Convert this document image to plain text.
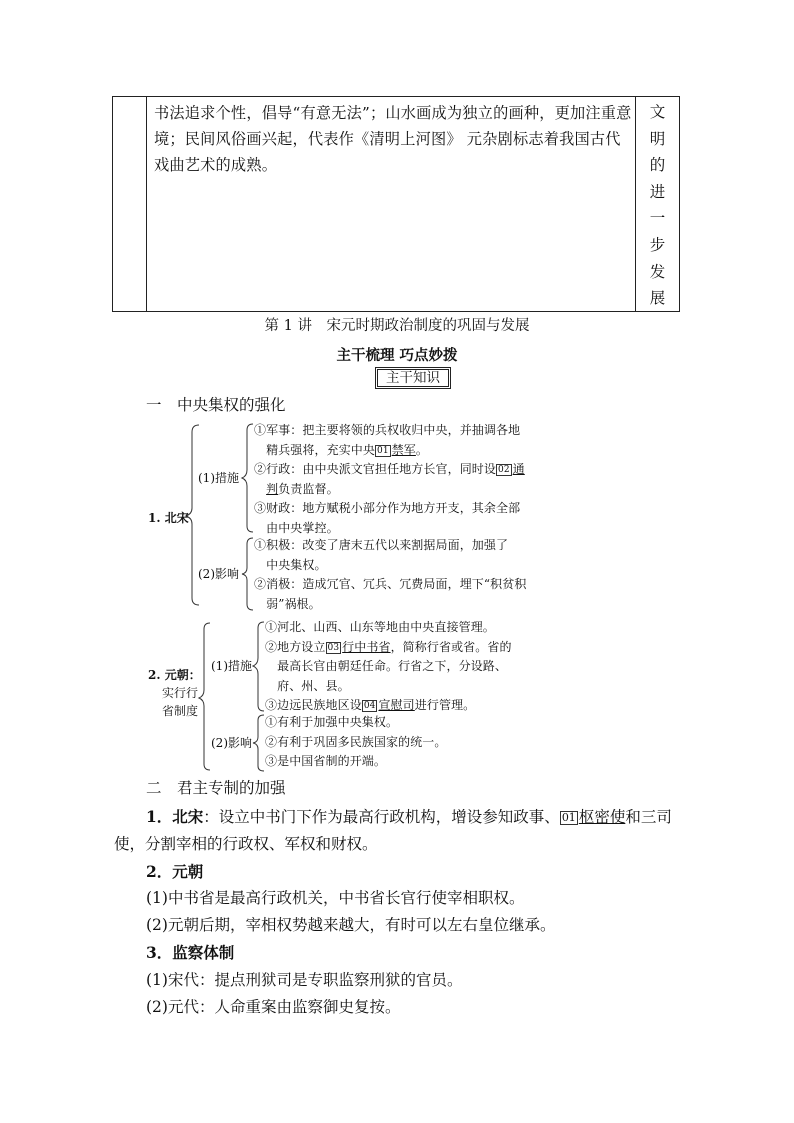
书法追求个性，倡导“有意无法”；山水画成为独立的画种，更加注重意境；民间风俗画兴起，代表作《清明上河图》 元杂剧标志着我国古代戏曲艺术的成熟。
文
明
的
进
一
步
发
展
第 1 讲　宋元时期政治制度的巩固与发展
主干梳理 巧点妙拨
主干知识
一　中央集权的强化
1. 北宋
(1)措施
(2)影响
①军事：把主要将领的兵权收归中央，并抽调各地
　精兵强将，充实中央 01 禁军。
②行政：由中央派文官担任地方长官，同时设 02 通
　判负责监督。
③财政：地方赋税小部分作为地方开支，其余全部
　由中央掌控。
①积极：改变了唐末五代以来割据局面，加强了
　中央集权。
②消极：造成冗官、冗兵、冗费局面，埋下“积贫积
　弱”祸根。
2. 元朝：
实行行
省制度
(1)措施
(2)影响
①河北、山西、山东等地由中央直接管理。
②地方设立 03 行中书省，简称行省或省。省的
　最高长官由朝廷任命。行省之下，分设路、
　府、州、县。
③边远民族地区设 04 宣慰司进行管理。
①有利于加强中央集权。
②有利于巩固多民族国家的统一。
③是中国省制的开端。
二　君主专制的加强
1．北宋：设立中书门下作为最高行政机构，增设参知政事、 01 枢密使和三司
使，分割宰相的行政权、军权和财权。
2．元朝
(1)中书省是最高行政机关，中书省长官行使宰相职权。
(2)元朝后期，宰相权势越来越大，有时可以左右皇位继承。
3．监察体制
(1)宋代：提点刑狱司是专职监察刑狱的官员。
(2)元代：人命重案由监察御史复按。
